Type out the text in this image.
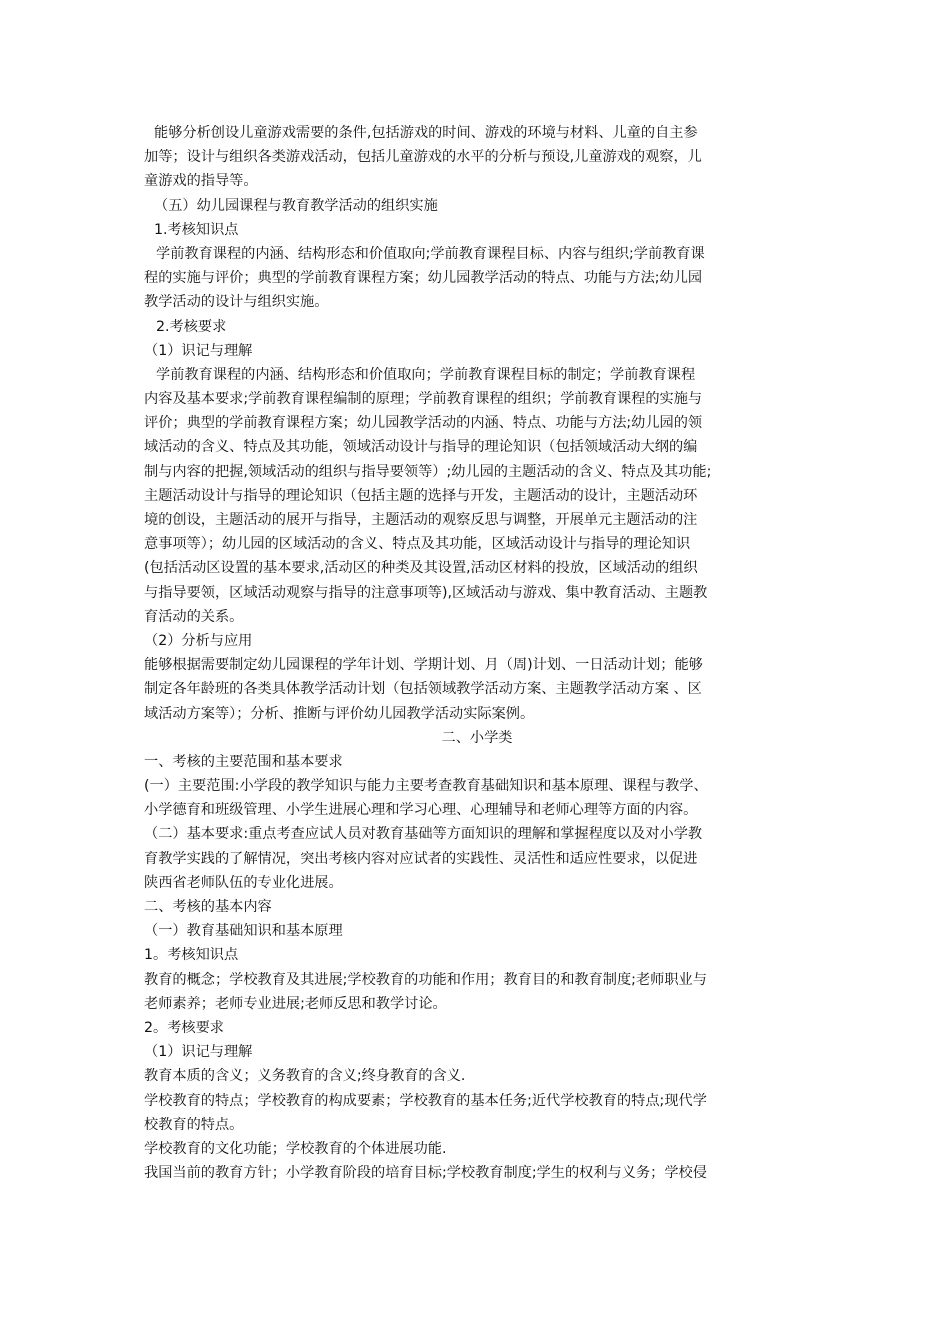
能够分析创设儿童游戏需要的条件,包括游戏的时间、游戏的环境与材料、儿童的自主参
加等；设计与组织各类游戏活动，包括儿童游戏的水平的分析与预设,儿童游戏的观察，儿
童游戏的指导等。
（五）幼儿园课程与教育教学活动的组织实施
1.考核知识点
学前教育课程的内涵、结构形态和价值取向;学前教育课程目标、内容与组织;学前教育课
程的实施与评价；典型的学前教育课程方案；幼儿园教学活动的特点、功能与方法;幼儿园
教学活动的设计与组织实施。
2.考核要求
（1）识记与理解
学前教育课程的内涵、结构形态和价值取向；学前教育课程目标的制定；学前教育课程
内容及基本要求;学前教育课程编制的原理；学前教育课程的组织；学前教育课程的实施与
评价；典型的学前教育课程方案；幼儿园教学活动的内涵、特点、功能与方法;幼儿园的领
域活动的含义、特点及其功能，领域活动设计与指导的理论知识（包括领域活动大纲的编
制与内容的把握,领域活动的组织与指导要领等）;幼儿园的主题活动的含义、特点及其功能;
主题活动设计与指导的理论知识（包括主题的选择与开发，主题活动的设计，主题活动环
境的创设，主题活动的展开与指导，主题活动的观察反思与调整，开展单元主题活动的注
意事项等）；幼儿园的区域活动的含义、特点及其功能，区域活动设计与指导的理论知识
(包括活动区设置的基本要求,活动区的种类及其设置,活动区材料的投放，区域活动的组织
与指导要领，区域活动观察与指导的注意事项等),区域活动与游戏、集中教育活动、主题教
育活动的关系。
（2）分析与应用
能够根据需要制定幼儿园课程的学年计划、学期计划、月（周)计划、一日活动计划；能够
制定各年龄班的各类具体教学活动计划（包括领域教学活动方案、主题教学活动方案 、区
域活动方案等）；分析、推断与评价幼儿园教学活动实际案例。
二、小学类
一、考核的主要范围和基本要求
(一）主要范围:小学段的教学知识与能力主要考查教育基础知识和基本原理、课程与教学、
小学德育和班级管理、小学生进展心理和学习心理、心理辅导和老师心理等方面的内容。
（二）基本要求:重点考查应试人员对教育基础等方面知识的理解和掌握程度以及对小学教
育教学实践的了解情况，突出考核内容对应试者的实践性、灵活性和适应性要求，以促进
陕西省老师队伍的专业化进展。
二、考核的基本内容
（一）教育基础知识和基本原理
1。考核知识点
教育的概念；学校教育及其进展;学校教育的功能和作用；教育目的和教育制度;老师职业与
老师素养；老师专业进展;老师反思和教学讨论。
2。考核要求
（1）识记与理解
教育本质的含义；义务教育的含义;终身教育的含义.
学校教育的特点；学校教育的构成要素；学校教育的基本任务;近代学校教育的特点;现代学
校教育的特点。
学校教育的文化功能；学校教育的个体进展功能.
我国当前的教育方针；小学教育阶段的培育目标;学校教育制度;学生的权利与义务；学校侵
